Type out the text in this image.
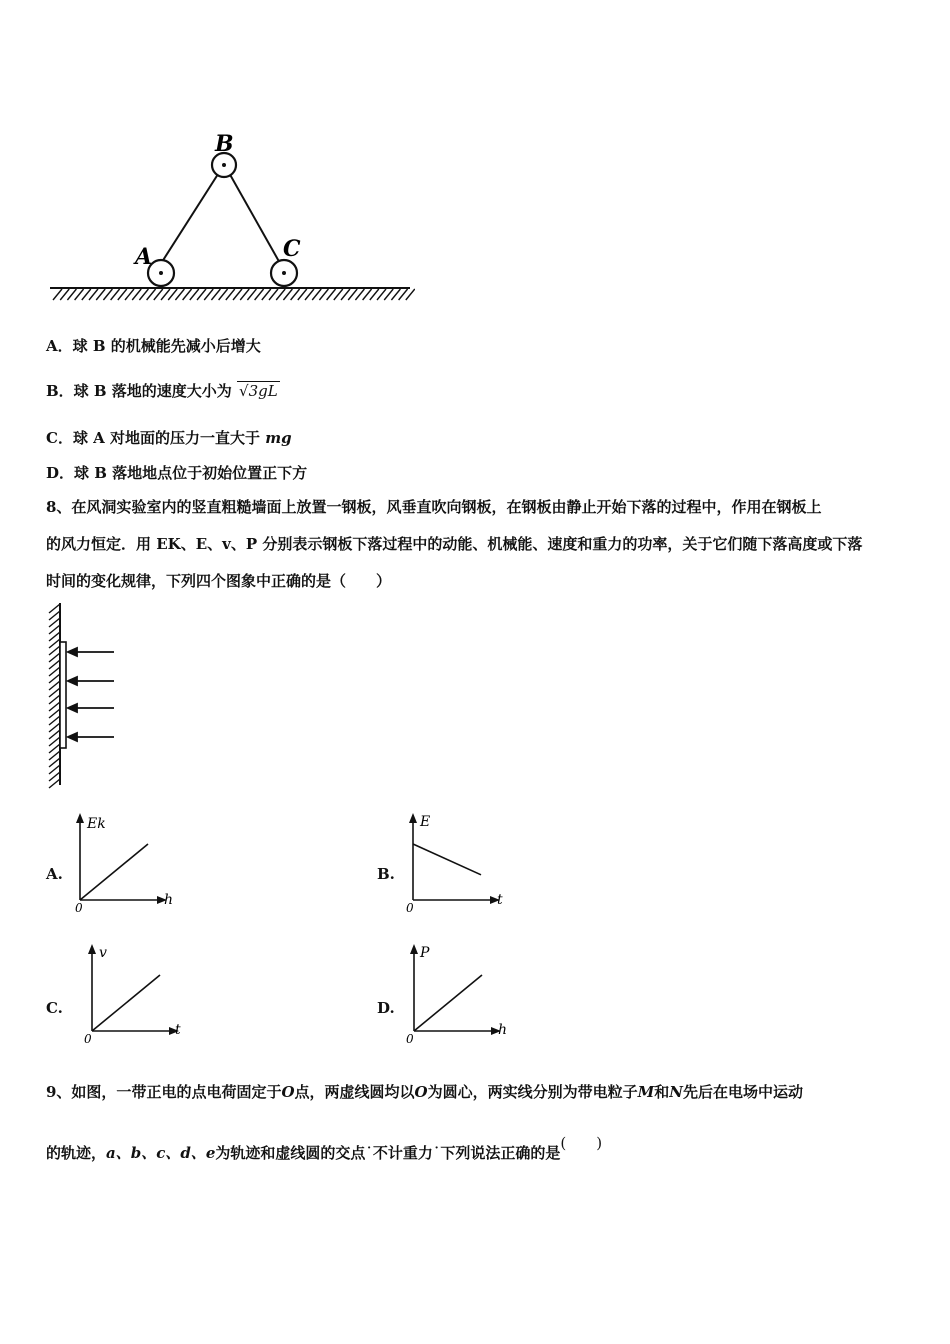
B
A	C
A．球 B 的机械能先减小后增大
B．球 B 落地的速度大小为 √3gL
C．球 A 对地面的压力一直大于 mg
D．球 B 落地地点位于初始位置正下方
8、在风洞实验室内的竖直粗糙墙面上放置一钢板，风垂直吹向钢板，在钢板由静止开始下落的过程中，作用在钢板上
的风力恒定．用 EK、E、v、P 分别表示钢板下落过程中的动能、机械能、速度和重力的功率，关于它们随下落高度或下落
时间的变化规律，下列四个图象中正确的是（　　）
A.
Ek
h
0
B.
E
t
0
C.
v
t
0
D.
P
h
0
9、如图，一带正电的点电荷固定于O点，两虚线圆均以O为圆心，两实线分别为带电粒子M和N先后在电场中运动
的轨迹，a、b、c、d、e为轨迹和虚线圆的交点˙不计重力˙下列说法正确的是(　　)
